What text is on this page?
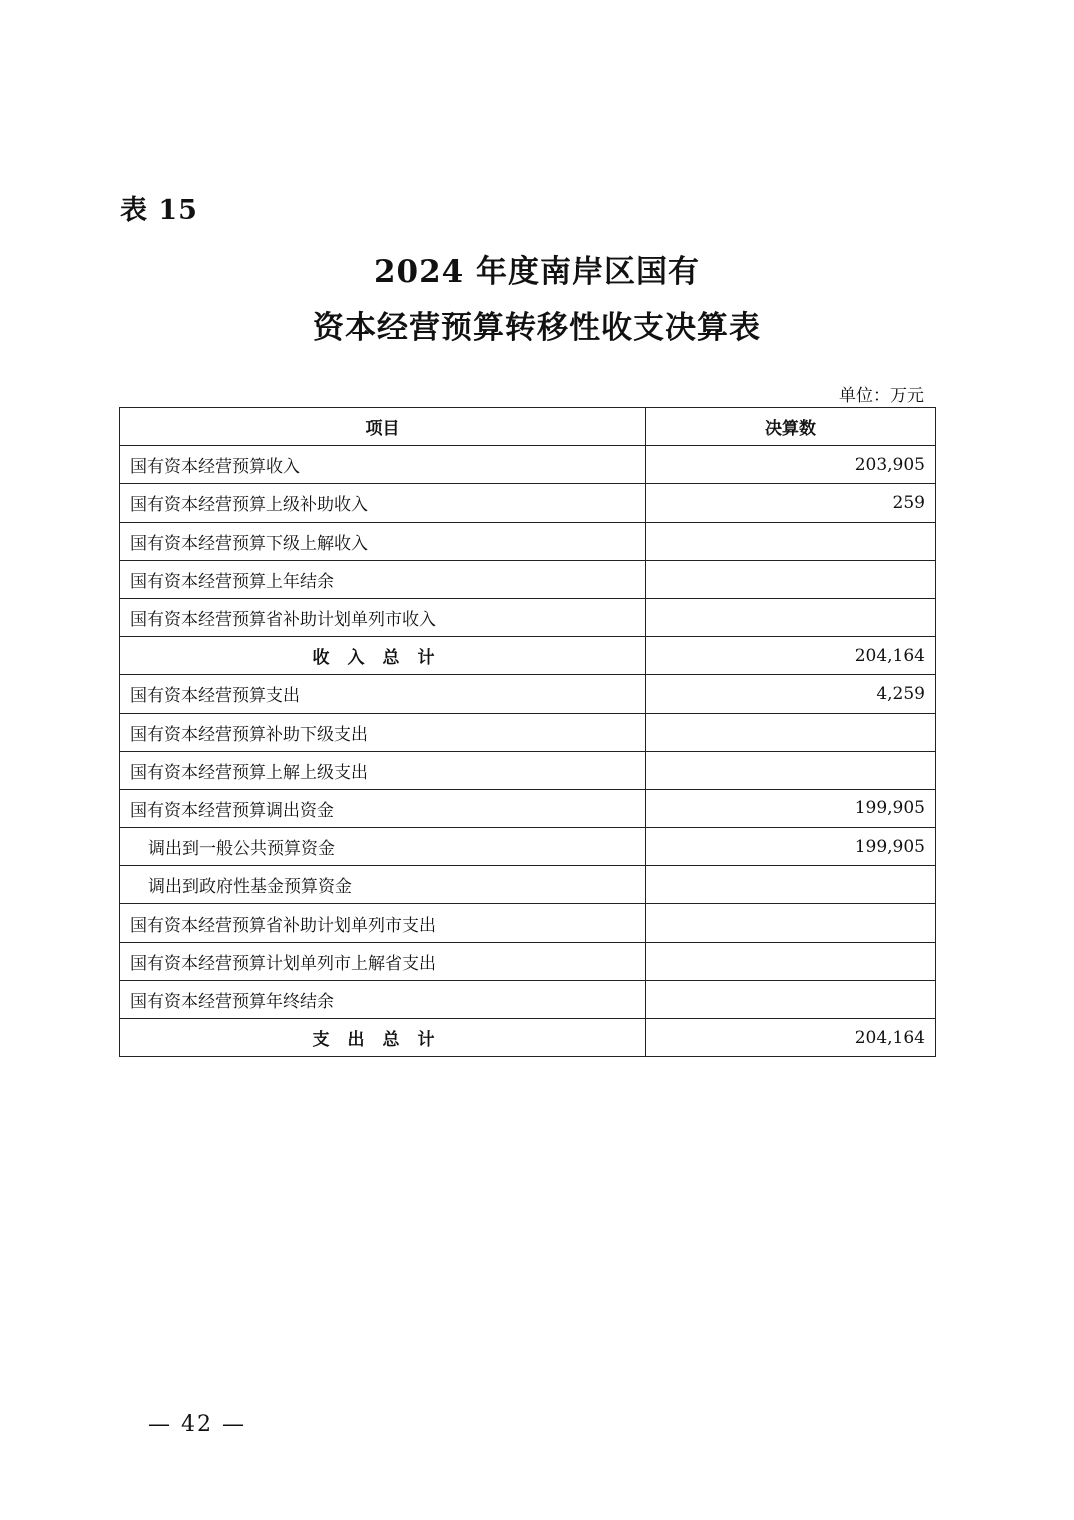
表 15
2024 年度南岸区国有
资本经营预算转移性收支决算表
单位：万元
项目	决算数
国有资本经营预算收入	203,905
国有资本经营预算上级补助收入	259
国有资本经营预算下级上解收入	
国有资本经营预算上年结余	
国有资本经营预算省补助计划单列市收入	
收入总计	204,164
国有资本经营预算支出	4,259
国有资本经营预算补助下级支出	
国有资本经营预算上解上级支出	
国有资本经营预算调出资金	199,905
调出到一般公共预算资金	199,905
调出到政府性基金预算资金	
国有资本经营预算省补助计划单列市支出	
国有资本经营预算计划单列市上解省支出	
国有资本经营预算年终结余	
支出总计	204,164
— 42 —
